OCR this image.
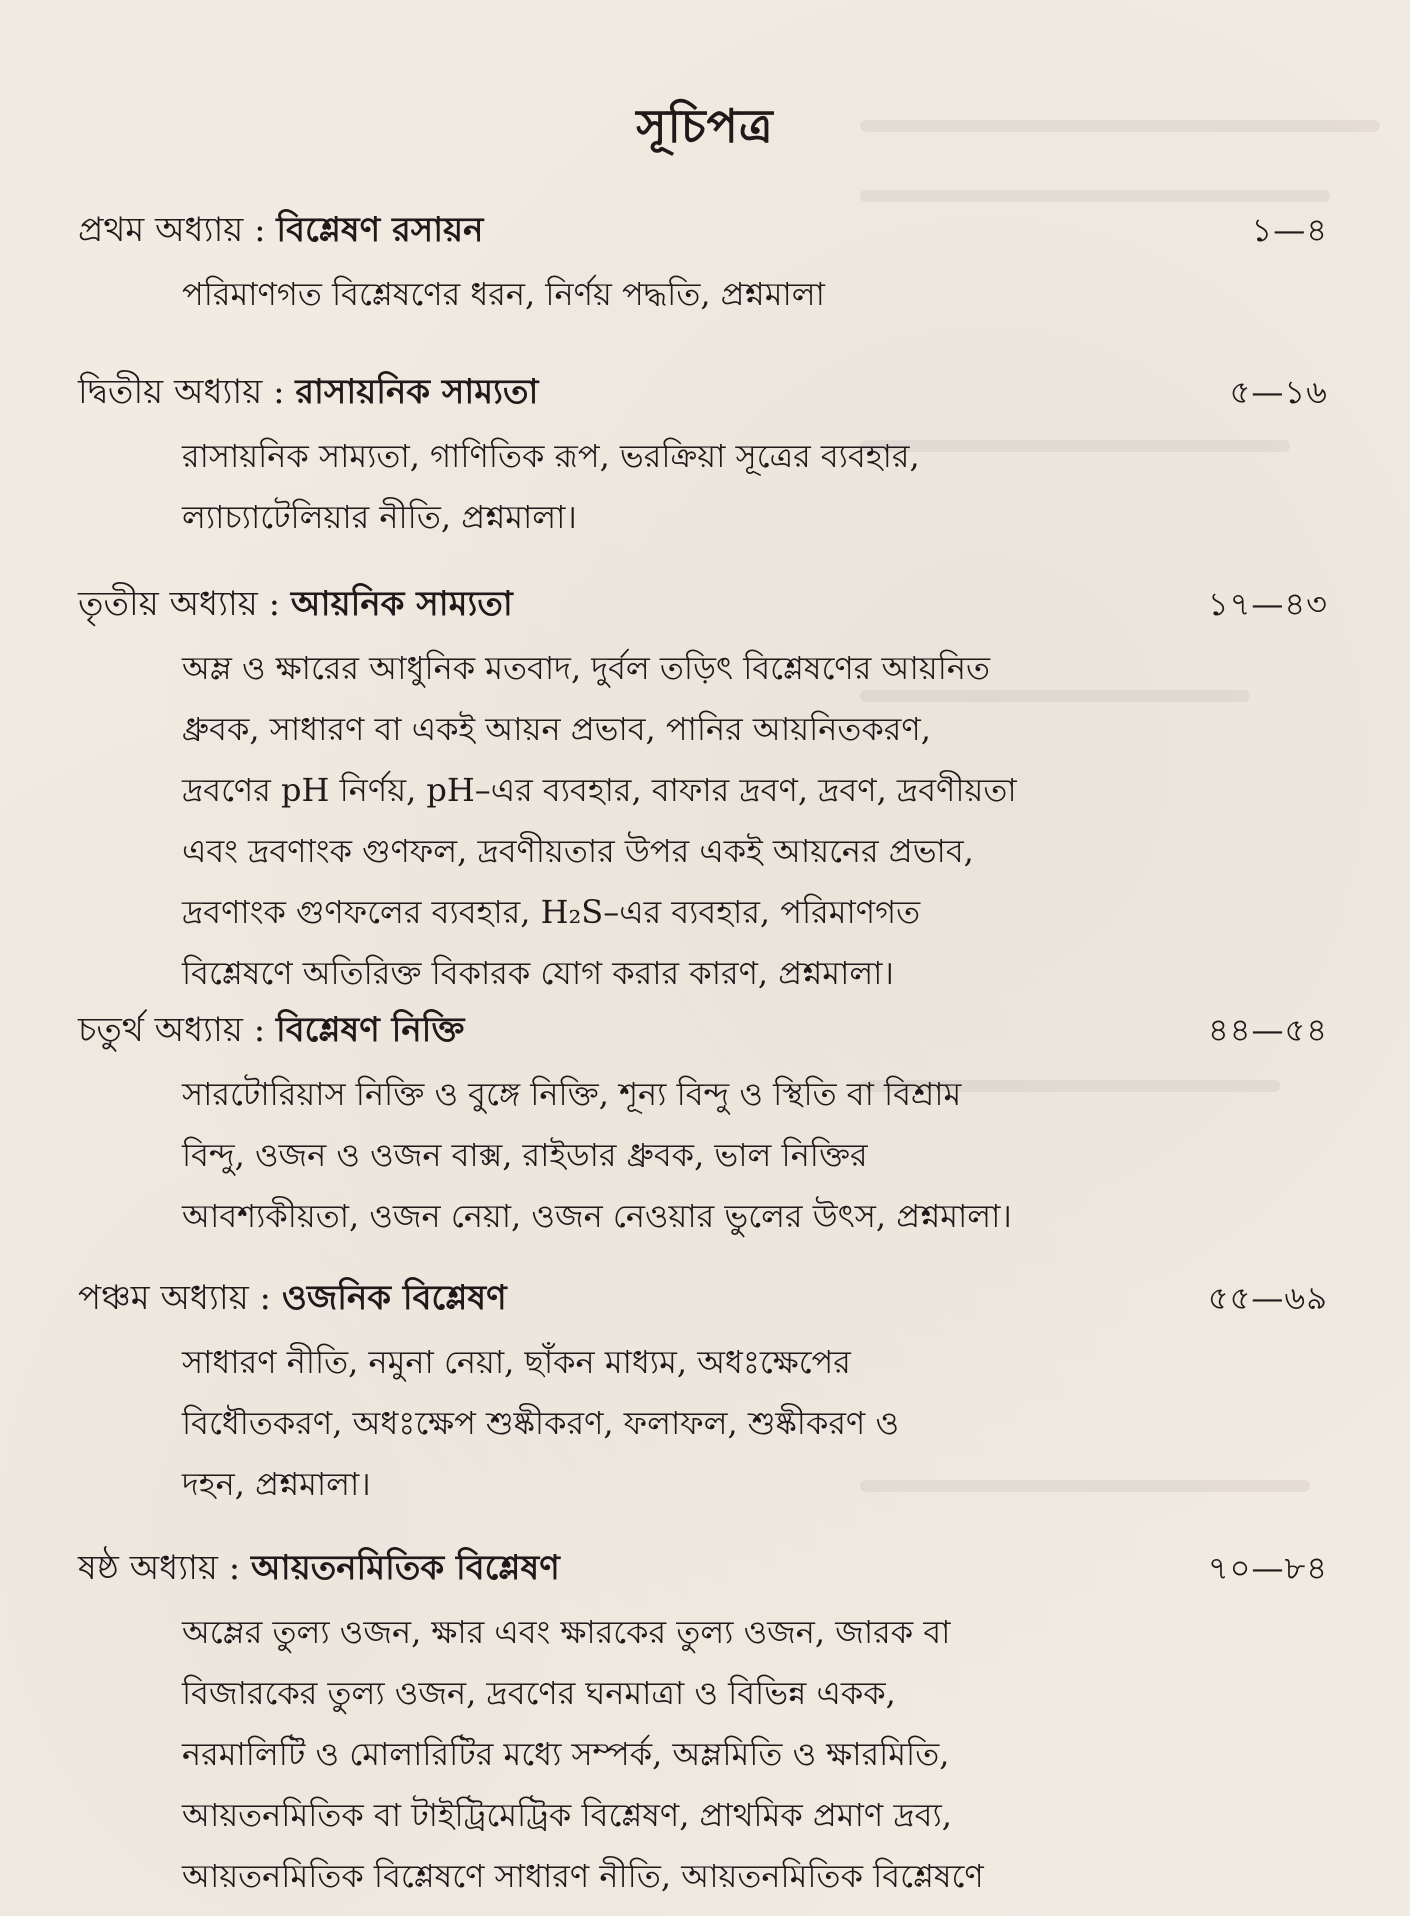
সূচিপত্র
প্রথম অধ্যায় : বিশ্লেষণ রসায়ন	১—৪
পরিমাণগত বিশ্লেষণের ধরন, নির্ণয় পদ্ধতি, প্রশ্নমালা
দ্বিতীয় অধ্যায় : রাসায়নিক সাম্যতা	৫—১৬
রাসায়নিক সাম্যতা, গাণিতিক রূপ, ভরক্রিয়া সূত্রের ব্যবহার,
ল্যাচ্যাটেলিয়ার নীতি, প্রশ্নমালা।
তৃতীয় অধ্যায় : আয়নিক সাম্যতা	১৭—৪৩
অম্ল ও ক্ষারের আধুনিক মতবাদ, দুর্বল তড়িৎ বিশ্লেষণের আয়নিত
ধ্রুবক, সাধারণ বা একই আয়ন প্রভাব, পানির আয়নিতকরণ,
দ্রবণের pH নির্ণয়, pH–এর ব্যবহার, বাফার দ্রবণ, দ্রবণ, দ্রবণীয়তা
এবং দ্রবণাংক গুণফল, দ্রবণীয়তার উপর একই আয়নের প্রভাব,
দ্রবণাংক গুণফলের ব্যবহার, H₂S–এর ব্যবহার, পরিমাণগত
বিশ্লেষণে অতিরিক্ত বিকারক যোগ করার কারণ, প্রশ্নমালা।
চতুর্থ অধ্যায় : বিশ্লেষণ নিক্তি	৪৪—৫৪
সারটোরিয়াস নিক্তি ও বুঙ্গে নিক্তি, শূন্য বিন্দু ও স্থিতি বা বিশ্রাম
বিন্দু, ওজন ও ওজন বাক্স, রাইডার ধ্রুবক, ভাল নিক্তির
আবশ্যকীয়তা, ওজন নেয়া, ওজন নেওয়ার ভুলের উৎস, প্রশ্নমালা।
পঞ্চম অধ্যায় : ওজনিক বিশ্লেষণ	৫৫—৬৯
সাধারণ নীতি, নমুনা নেয়া, ছাঁকন মাধ্যম, অধঃক্ষেপের
বিধৌতকরণ, অধঃক্ষেপ শুষ্কীকরণ, ফলাফল, শুষ্কীকরণ ও
দহন, প্রশ্নমালা।
ষষ্ঠ অধ্যায় : আয়তনমিতিক বিশ্লেষণ	৭০—৮৪
অম্লের তুল্য ওজন, ক্ষার এবং ক্ষারকের তুল্য ওজন, জারক বা
বিজারকের তুল্য ওজন, দ্রবণের ঘনমাত্রা ও বিভিন্ন একক,
নরমালিটি ও মোলারিটির মধ্যে সম্পর্ক, অম্লমিতি ও ক্ষারমিতি,
আয়তনমিতিক বা টাইট্রিমেট্রিক বিশ্লেষণ, প্রাথমিক প্রমাণ দ্রব্য,
আয়তনমিতিক বিশ্লেষণে সাধারণ নীতি, আয়তনমিতিক বিশ্লেষণে
